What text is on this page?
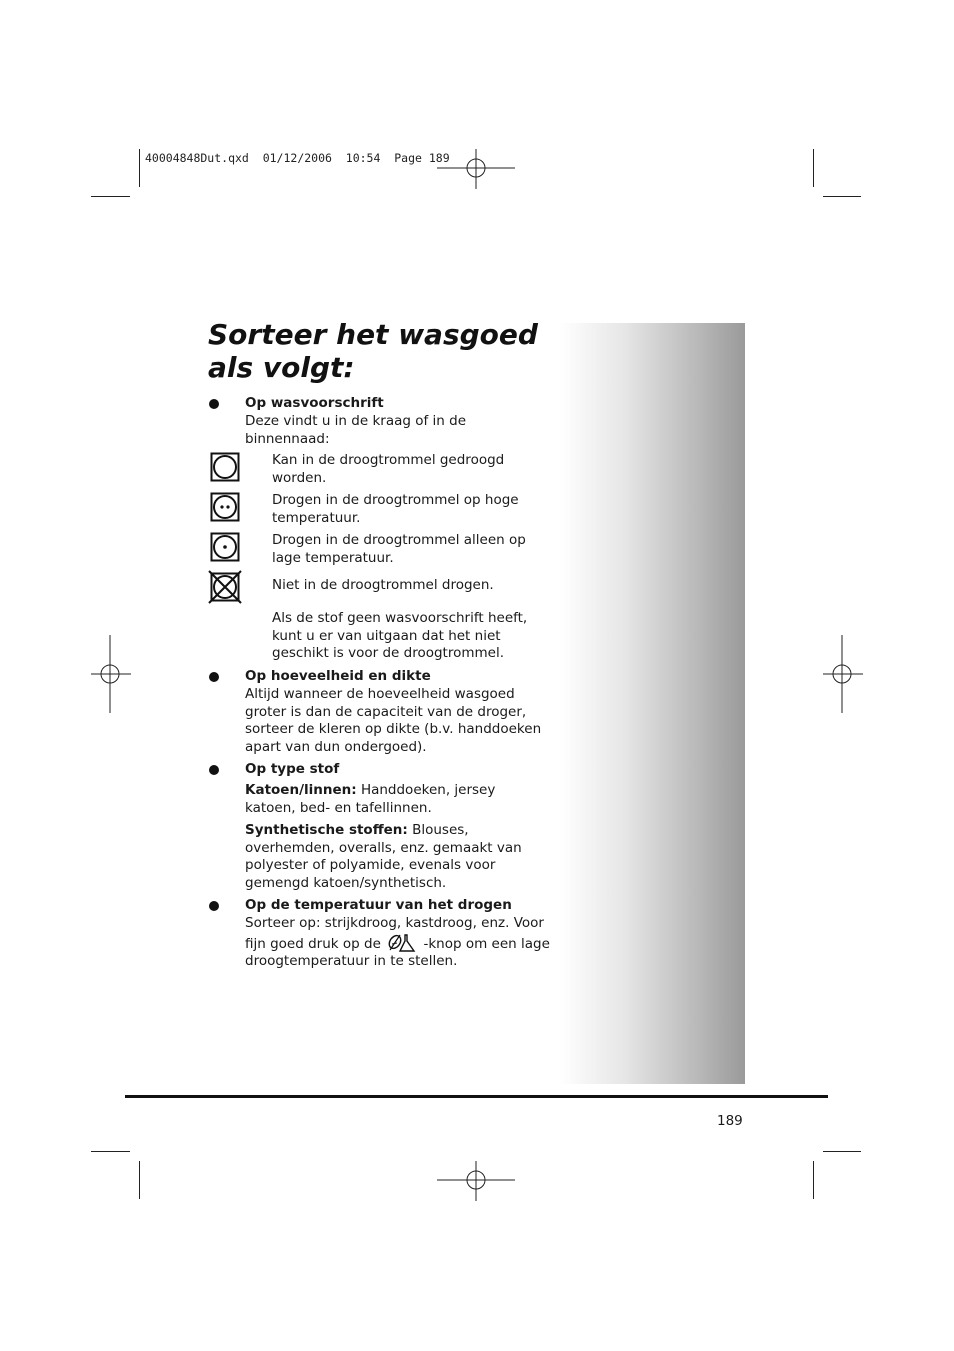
40004848Dut.qxd  01/12/2006  10:54  Page 189
Sorteer het wasgoed als volgt:

Op wasvoorschrift

Deze vindt u in de kraag of in de binnennaad:

Kan in de droogtrommel gedroogd worden.

Drogen in de droogtrommel op hoge temperatuur.

Drogen in de droogtrommel alleen op lage temperatuur.

Niet in de droogtrommel drogen.

Als de stof geen wasvoorschrift heeft, kunt u er van uitgaan dat het niet geschikt is voor de droogtrommel.

Op hoeveelheid en dikte

Altijd wanneer de hoeveelheid wasgoed groter is dan de capaciteit van de droger, sorteer de kleren op dikte (b.v. handdoeken apart van dun ondergoed).

Op type stof

Katoen/linnen: Handdoeken, jersey katoen, bed- en tafellinnen.

Synthetische stoffen: Blouses, overhemden, overalls, enz. gemaakt van polyester of polyamide, evenals voor gemengd katoen/synthetisch.

Op de temperatuur van het drogen

Sorteer op: strijkdroog, kastdroog, enz. Voor fijn goed druk op de	-knop om een lage droogtemperatuur in te stellen.

189
